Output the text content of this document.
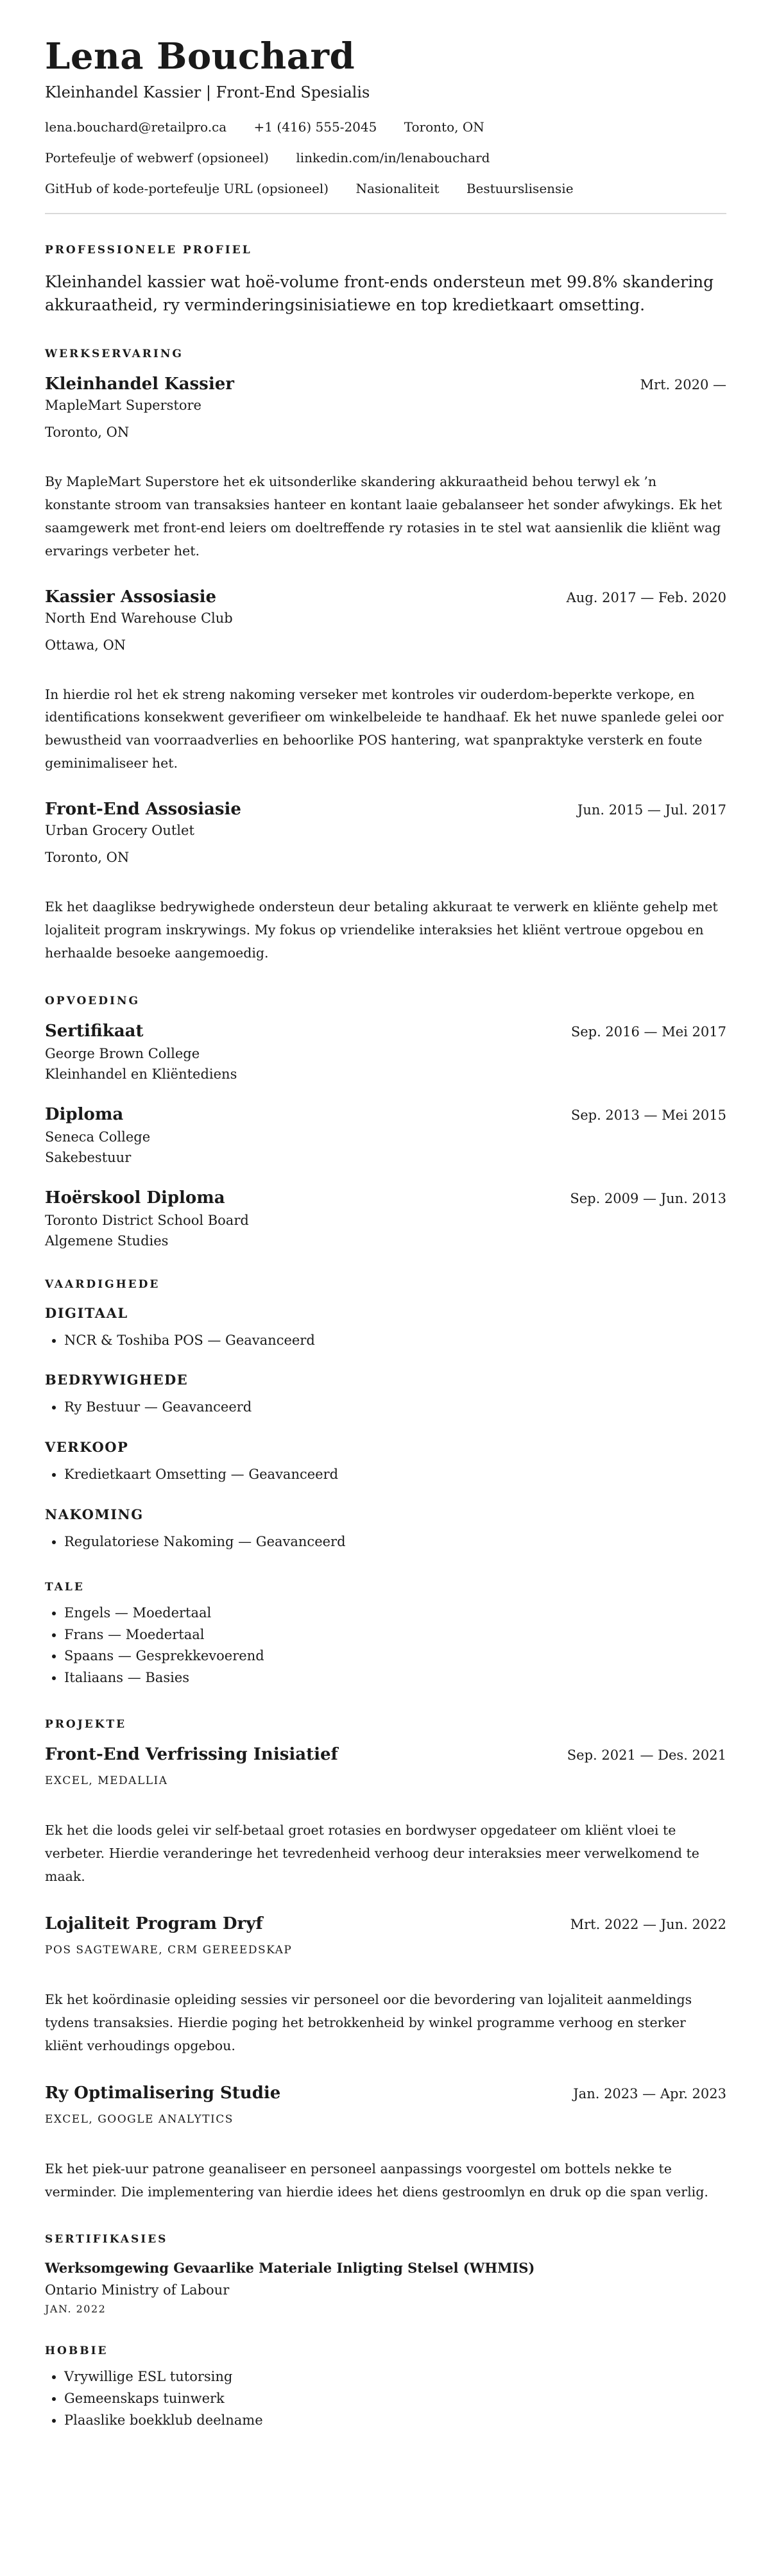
Lena Bouchard
Kleinhandel Kassier | Front-End Spesialis
lena.bouchard@retailpro.ca +1 (416) 555-2045 Toronto, ON
Portefeulje of webwerf (opsioneel) linkedin.com/in/lenabouchard
GitHub of kode-portefeulje URL (opsioneel) Nasionaliteit Bestuurslisensie
PROFESSIONELE PROFIEL
Kleinhandel kassier wat hoë-volume front-ends ondersteun met 99.8% skandering akkuraatheid, ry verminderingsinisiatiewe en top kredietkaart omsetting.
WERKSERVARING
Kleinhandel Kassier	Mrt. 2020 —
MapleMart Superstore
Toronto, ON
By MapleMart Superstore het ek uitsonderlike skandering akkuraatheid behou terwyl ek ’n konstante stroom van transaksies hanteer en kontant laaie gebalanseer het sonder afwykings. Ek het saamgewerk met front-end leiers om doeltreffende ry rotasies in te stel wat aansienlik die kliënt wag ervarings verbeter het.
Kassier Assosiasie	Aug. 2017 — Feb. 2020
North End Warehouse Club
Ottawa, ON
In hierdie rol het ek streng nakoming verseker met kontroles vir ouderdom-beperkte verkope, en identifications konsekwent geverifieer om winkelbeleide te handhaaf. Ek het nuwe spanlede gelei oor bewustheid van voorraadverlies en behoorlike POS hantering, wat spanpraktyke versterk en foute geminimaliseer het.
Front-End Assosiasie	Jun. 2015 — Jul. 2017
Urban Grocery Outlet
Toronto, ON
Ek het daaglikse bedrywighede ondersteun deur betaling akkuraat te verwerk en kliënte gehelp met lojaliteit program inskrywings. My fokus op vriendelike interaksies het kliënt vertroue opgebou en herhaalde besoeke aangemoedig.
OPVOEDING
Sertifikaat	Sep. 2016 — Mei 2017
George Brown College
Kleinhandel en Kliëntediens
Diploma	Sep. 2013 — Mei 2015
Seneca College
Sakebestuur
Hoërskool Diploma	Sep. 2009 — Jun. 2013
Toronto District School Board
Algemene Studies
VAARDIGHEDE
DIGITAAL
• NCR & Toshiba POS — Geavanceerd
BEDRYWIGHEDE
• Ry Bestuur — Geavanceerd
VERKOOP
• Kredietkaart Omsetting — Geavanceerd
NAKOMING
• Regulatoriese Nakoming — Geavanceerd
TALE
• Engels — Moedertaal
• Frans — Moedertaal
• Spaans — Gesprekkevoerend
• Italiaans — Basies
PROJEKTE
Front-End Verfrissing Inisiatief	Sep. 2021 — Des. 2021
EXCEL, MEDALLIA
Ek het die loods gelei vir self-betaal groet rotasies en bordwyser opgedateer om kliënt vloei te verbeter. Hierdie veranderinge het tevredenheid verhoog deur interaksies meer verwelkomend te maak.
Lojaliteit Program Dryf	Mrt. 2022 — Jun. 2022
POS SAGTEWARE, CRM GEREEDSKAP
Ek het koördinasie opleiding sessies vir personeel oor die bevordering van lojaliteit aanmeldings tydens transaksies. Hierdie poging het betrokkenheid by winkel programme verhoog en sterker kliënt verhoudings opgebou.
Ry Optimalisering Studie	Jan. 2023 — Apr. 2023
EXCEL, GOOGLE ANALYTICS
Ek het piek-uur patrone geanaliseer en personeel aanpassings voorgestel om bottels nekke te verminder. Die implementering van hierdie idees het diens gestroomlyn en druk op die span verlig.
SERTIFIKASIES
Werksomgewing Gevaarlike Materiale Inligting Stelsel (WHMIS)
Ontario Ministry of Labour
JAN. 2022
HOBBIE
• Vrywillige ESL tutorsing
• Gemeenskaps tuinwerk
• Plaaslike boekklub deelname
